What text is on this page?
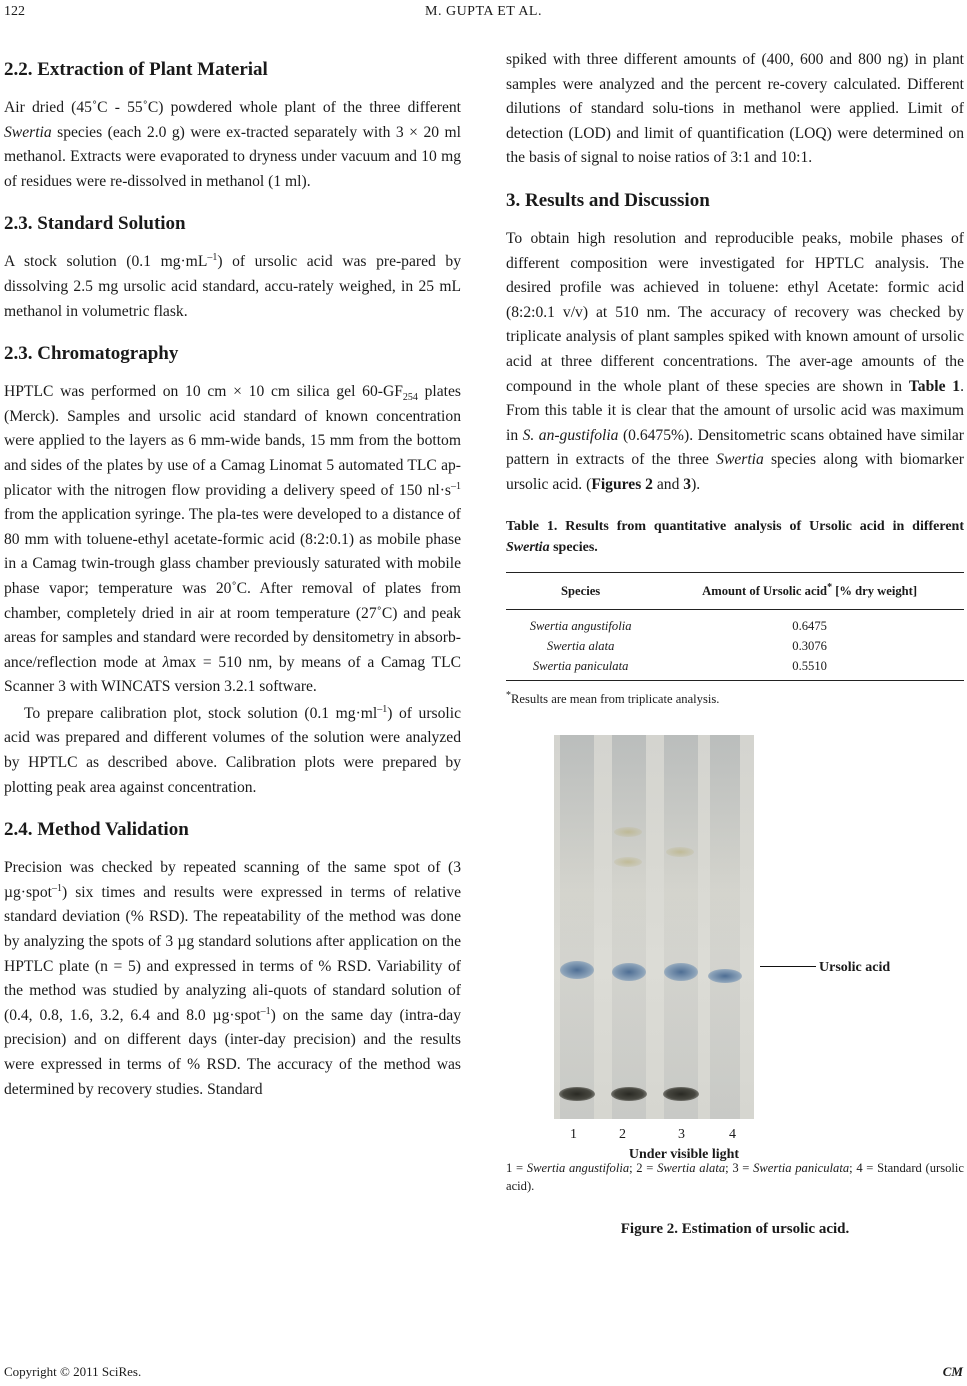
122	M. GUPTA ET AL.
2.2. Extraction of Plant Material

Air dried (45˚C - 55˚C) powdered whole plant of the three different Swertia species (each 2.0 g) were ex-tracted separately with 3 × 20 ml methanol. Extracts were evaporated to dryness under vacuum and 10 mg of residues were re-dissolved in methanol (1 ml).

2.3. Standard Solution

A stock solution (0.1 $mg\cdot mL^{-1}$) of ursolic acid was pre-pared by dissolving 2.5 mg ursolic acid standard, accu-rately weighed, in 25 mL methanol in volumetric flask.

2.3. Chromatography

HPTLC was performed on 10 cm × 10 cm silica gel $60-GF_{254}$ plates (Merck). Samples and ursolic acid standard of known concentration were applied to the layers as 6 mm-wide bands, 15 mm from the bottom and sides of the plates by use of a Camag Linomat 5 automated TLC ap-plicator with the nitrogen flow providing a delivery speed of 150 $nl\cdot s^{-1}$ from the application syringe. The pla-tes were developed to a distance of 80 mm with toluene-ethyl acetate-formic acid (8:2:0.1) as mobile phase in a Camag twin-trough glass chamber previously saturated with mobile phase vapor; temperature was 20˚C. After removal of plates from chamber, completely dried in air at room temperature (27˚C) and peak areas for samples and standard were recorded by densitometry in absorb-ance/reflection mode at λmax = 510 nm, by means of a Camag TLC Scanner 3 with WINCATS version 3.2.1 software.

To prepare calibration plot, stock solution (0.1 $mg\cdot ml^{-1}$) of ursolic acid was prepared and different volumes of the solution were analyzed by HPTLC as described above. Calibration plots were prepared by plotting peak area against concentration.

2.4. Method Validation

Precision was checked by repeated scanning of the same spot of (3 µg·spot$^{-1}$) six times and results were expressed in terms of relative standard deviation (% RSD). The repeatability of the method was done by analyzing the spots of 3 µg standard solutions after application on the HPTLC plate (n = 5) and expressed in terms of % RSD. Variability of the method was studied by analyzing ali-quots of standard solution of (0.4, 0.8, 1.6, 3.2, 6.4 and 8.0 µg·spot$^{-1}$) on the same day (intra-day precision) and on different days (inter-day precision) and the results were expressed in terms of % RSD. The accuracy of the method was determined by recovery studies. Standard

spiked with three different amounts of (400, 600 and 800 ng) in plant samples were analyzed and the percent re-covery calculated. Different dilutions of standard solu-tions in methanol were applied. Limit of detection (LOD) and limit of quantification (LOQ) were determined on the basis of signal to noise ratios of 3:1 and 10:1.

3. Results and Discussion

To obtain high resolution and reproducible peaks, mobile phases of different composition were investigated for HPTLC analysis. The desired profile was achieved in toluene: ethyl Acetate: formic acid (8:2:0.1 v/v) at 510 nm. The accuracy of recovery was checked by triplicate analysis of plant samples spiked with known amount of ursolic acid at three different concentrations. The aver-age amounts of the compound in the whole plant of these species are shown in Table 1. From this table it is clear that the amount of ursolic acid was maximum in S. an-gustifolia (0.6475%). Densitometric scans obtained have similar pattern in extracts of the three Swertia species along with biomarker ursolic acid. (Figures 2 and 3).

Table 1. Results from quantitative analysis of Ursolic acid in different Swertia species.
Species	Amount of Ursolic acid* [% dry weight]
Swertia angustifolia	0.6475
Swertia alata	0.3076
Swertia paniculata	0.5510

*Results are mean from triplicate analysis.

Ursolic acid
1	2	3	4
Under visible light

1 = Swertia angustifolia; 2 = Swertia alata; 3 = Swertia paniculata; 4 = Standard (ursolic acid).

Figure 2. Estimation of ursolic acid.
Copyright © 2011 SciRes.	CM
